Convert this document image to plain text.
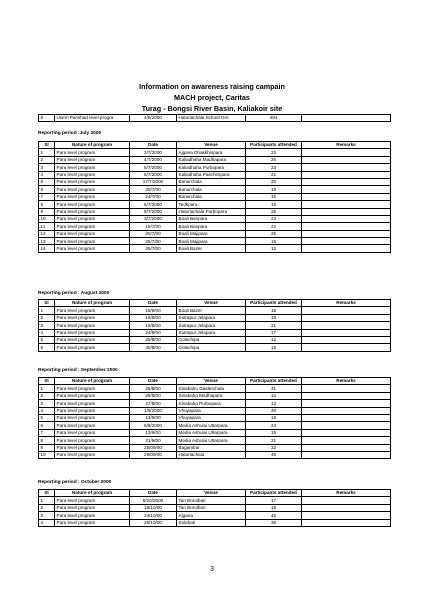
Information on awareness raising campain
MACH project, Caritas
Turag - Bongsi River Basin, Kaliakoir site
5	Union Parishad level progra	4/6/2000	Haturiachala School Gro	494	
Reporting period :July 2000
Sl	Nature of program	Date	Venue	Participants attended	Remarks
1	Para level program	3/7/2000	Ajgana Dhakkhinpara	23	
2	Para level program	4/7/2000	Kaliadhaha Madhapara	26	
3	Para level program	5/7/2000	Kaliadhaha Purbopara	23	
4	Para level program	6/7/2000	Kaliadhaha Paschimpara	21	
5	Para level program	17/7/2000	Banarchala	20	
6	Para level program	20/7/00	Banarchala	18	
7	Para level program	24/7/00	Banarchala	15	
8	Para level program	5/7/2000	Tedkpara	19	
9	Para level program	8/7/2000	Haturiachala Purbopara	25	
10	Para level program	3/7/2000	Boali Banpara	23	
11	Para level program	15/7/00	Boali Banpara	22	
12	Para level program	20/7/00	Boali Majipara	25	
13	Para level program	25/7/00	Boali Majipara	15	
14	Para level program	28/7/00	Boali Bazer	12	
Reporting period : August 2000
Sl	Nature of program	Date	Venue	Participants attended	Remarks
1	Para level program	15/8/00	Boali Bazer	15	
2	Para level program	16/8/00	Sutrapur Jelapara	18	
3	Para level program	19/8/00	Sutrapur Jelapara	21	
4	Para level program	24/8/00	Sutrapur Jelapara	17	
5	Para level program	25/8/00	Golachipa	12	
6	Para level program	30/8/00	Golachipa	18	
Reporting period : September 2000
Sl	Nature of program	Date	Venue	Participants attended	Remarks
1	Para level program	25/9/00	Sinabaho Gaiderchala	31	
2	Para level program	26/9/00	Sinabaho Madhapara	14	
3	Para level program	27/9/00	Sinabaho Purbopara	13	
4	Para level program	1/9/2000	Vhuyapara	20	
5	Para level program	13/9/00	Vhuyapara	18	
6	Para level program	6/9/2000	Media Ashulai Uttarpara	24	
7	Para level program	13/9/00	Media Ashulai Uttarpara	16	
8	Para level program	21/9/00	Media Ashulai Uttarpara	21	
9	Para level program	25/09/00	Bagambar	32	
10	Para level program	29/09/00	Haturiachala	45	
Reporting period : October 2000
Sl	Nature of program	Date	Venue	Participants attended	Remarks
1	Para level program	5/10/2000	Tan Boroibari	17	
2	Para level program	19/10/00	Tan Boroibari	18	
3	Para level program	24/10/00	Ajgana	46	
4	Para level program	26/10/00	Solahati	36	
3
